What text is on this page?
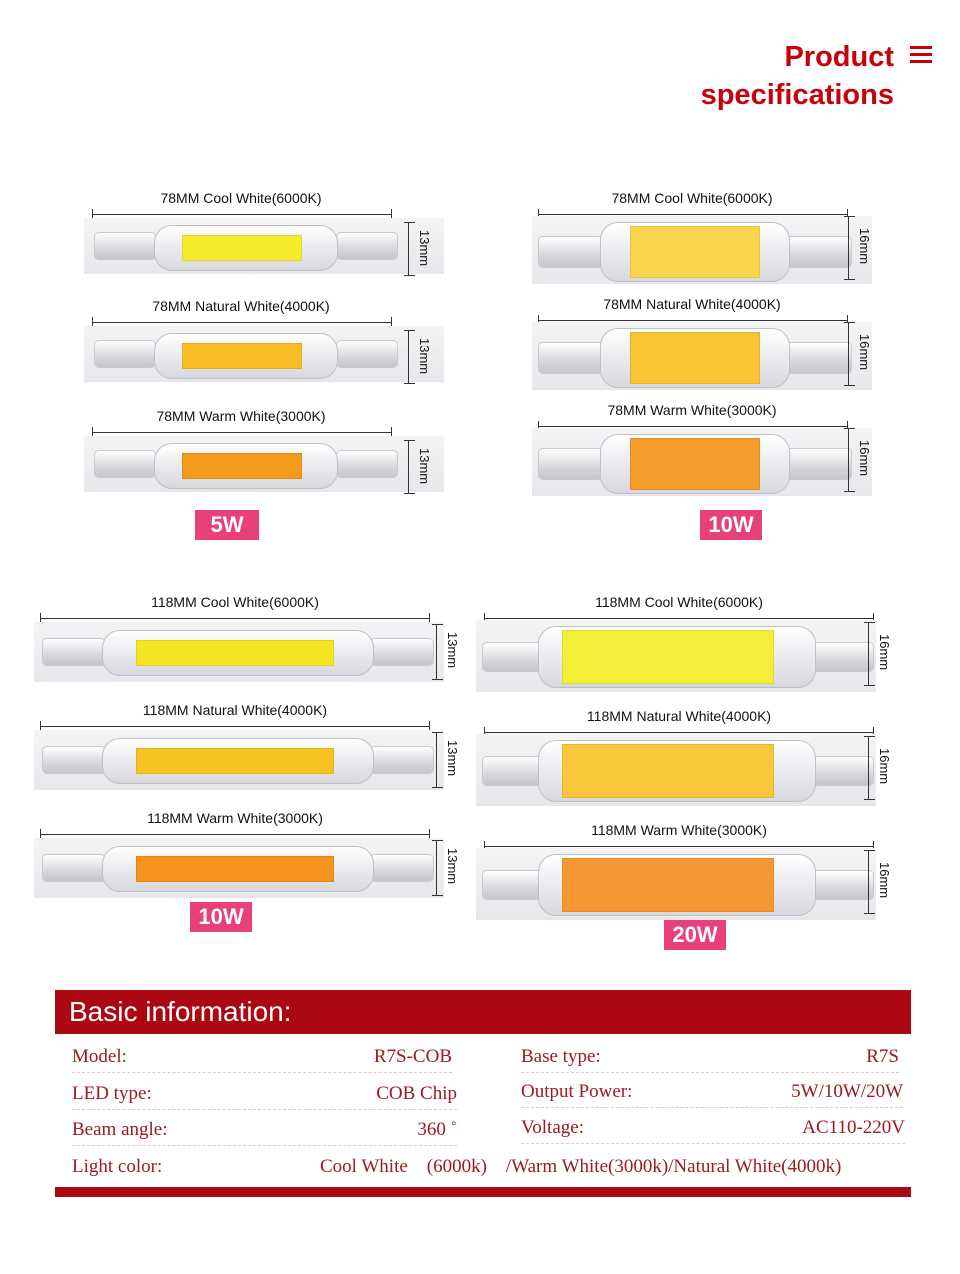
Product
specifications
78MM Cool White(6000K)
13mm
78MM Natural White(4000K)
13mm
78MM Warm White(3000K)
13mm
5W
78MM Cool White(6000K)
16mm
78MM Natural White(4000K)
16mm
78MM Warm White(3000K)
16mm
10W
118MM Cool White(6000K)
13mm
118MM Natural White(4000K)
13mm
118MM Warm White(3000K)
13mm
10W
118MM Cool White(6000K)
16mm
118MM Natural White(4000K)
16mm
118MM Warm White(3000K)
16mm
20W
Basic information:
Model:	R7S-COB
LED type:	COB Chip
Beam angle:	360 ˚
Base type:	R7S
Output Power:	5W/10W/20W
Voltage:	AC110-220V
Light color:	Cool White　(6000k)　/Warm White(3000k)/Natural White(4000k)
